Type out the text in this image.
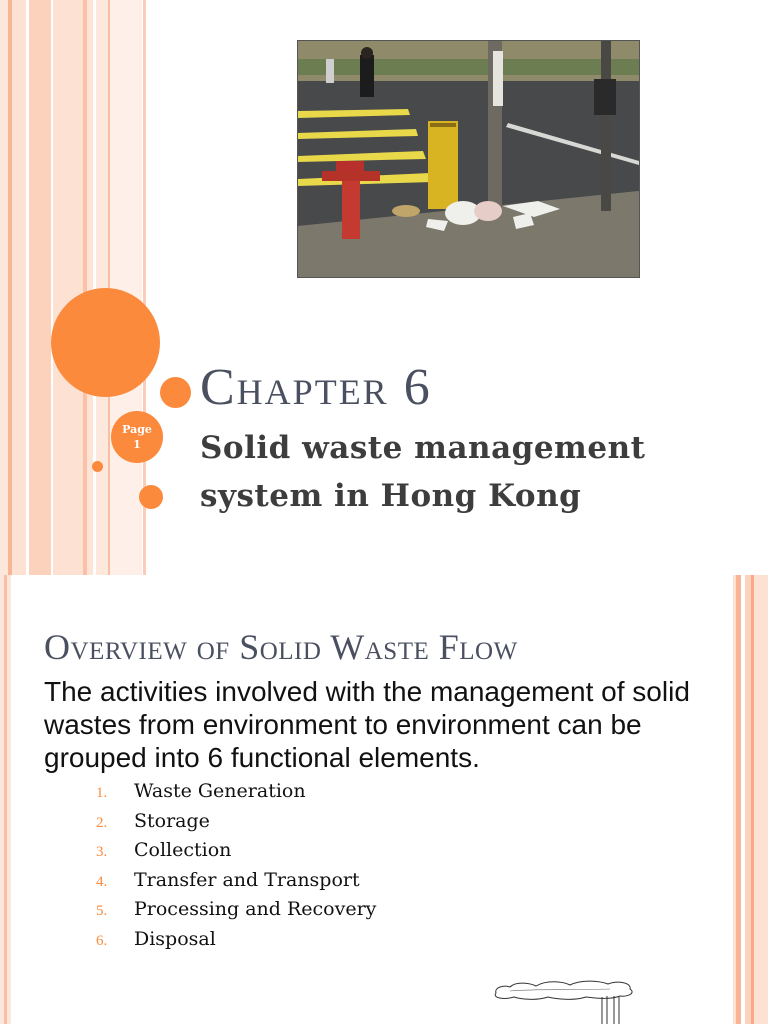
Page
1
Chapter 6
Solid waste management system in Hong Kong
Overview of Solid Waste Flow

The activities involved with the management of solid wastes from environment to environment can be grouped into 6 functional elements.

1.	Waste Generation
2.	Storage
3.	Collection
4.	Transfer and Transport
5.	Processing and Recovery
6.	Disposal
